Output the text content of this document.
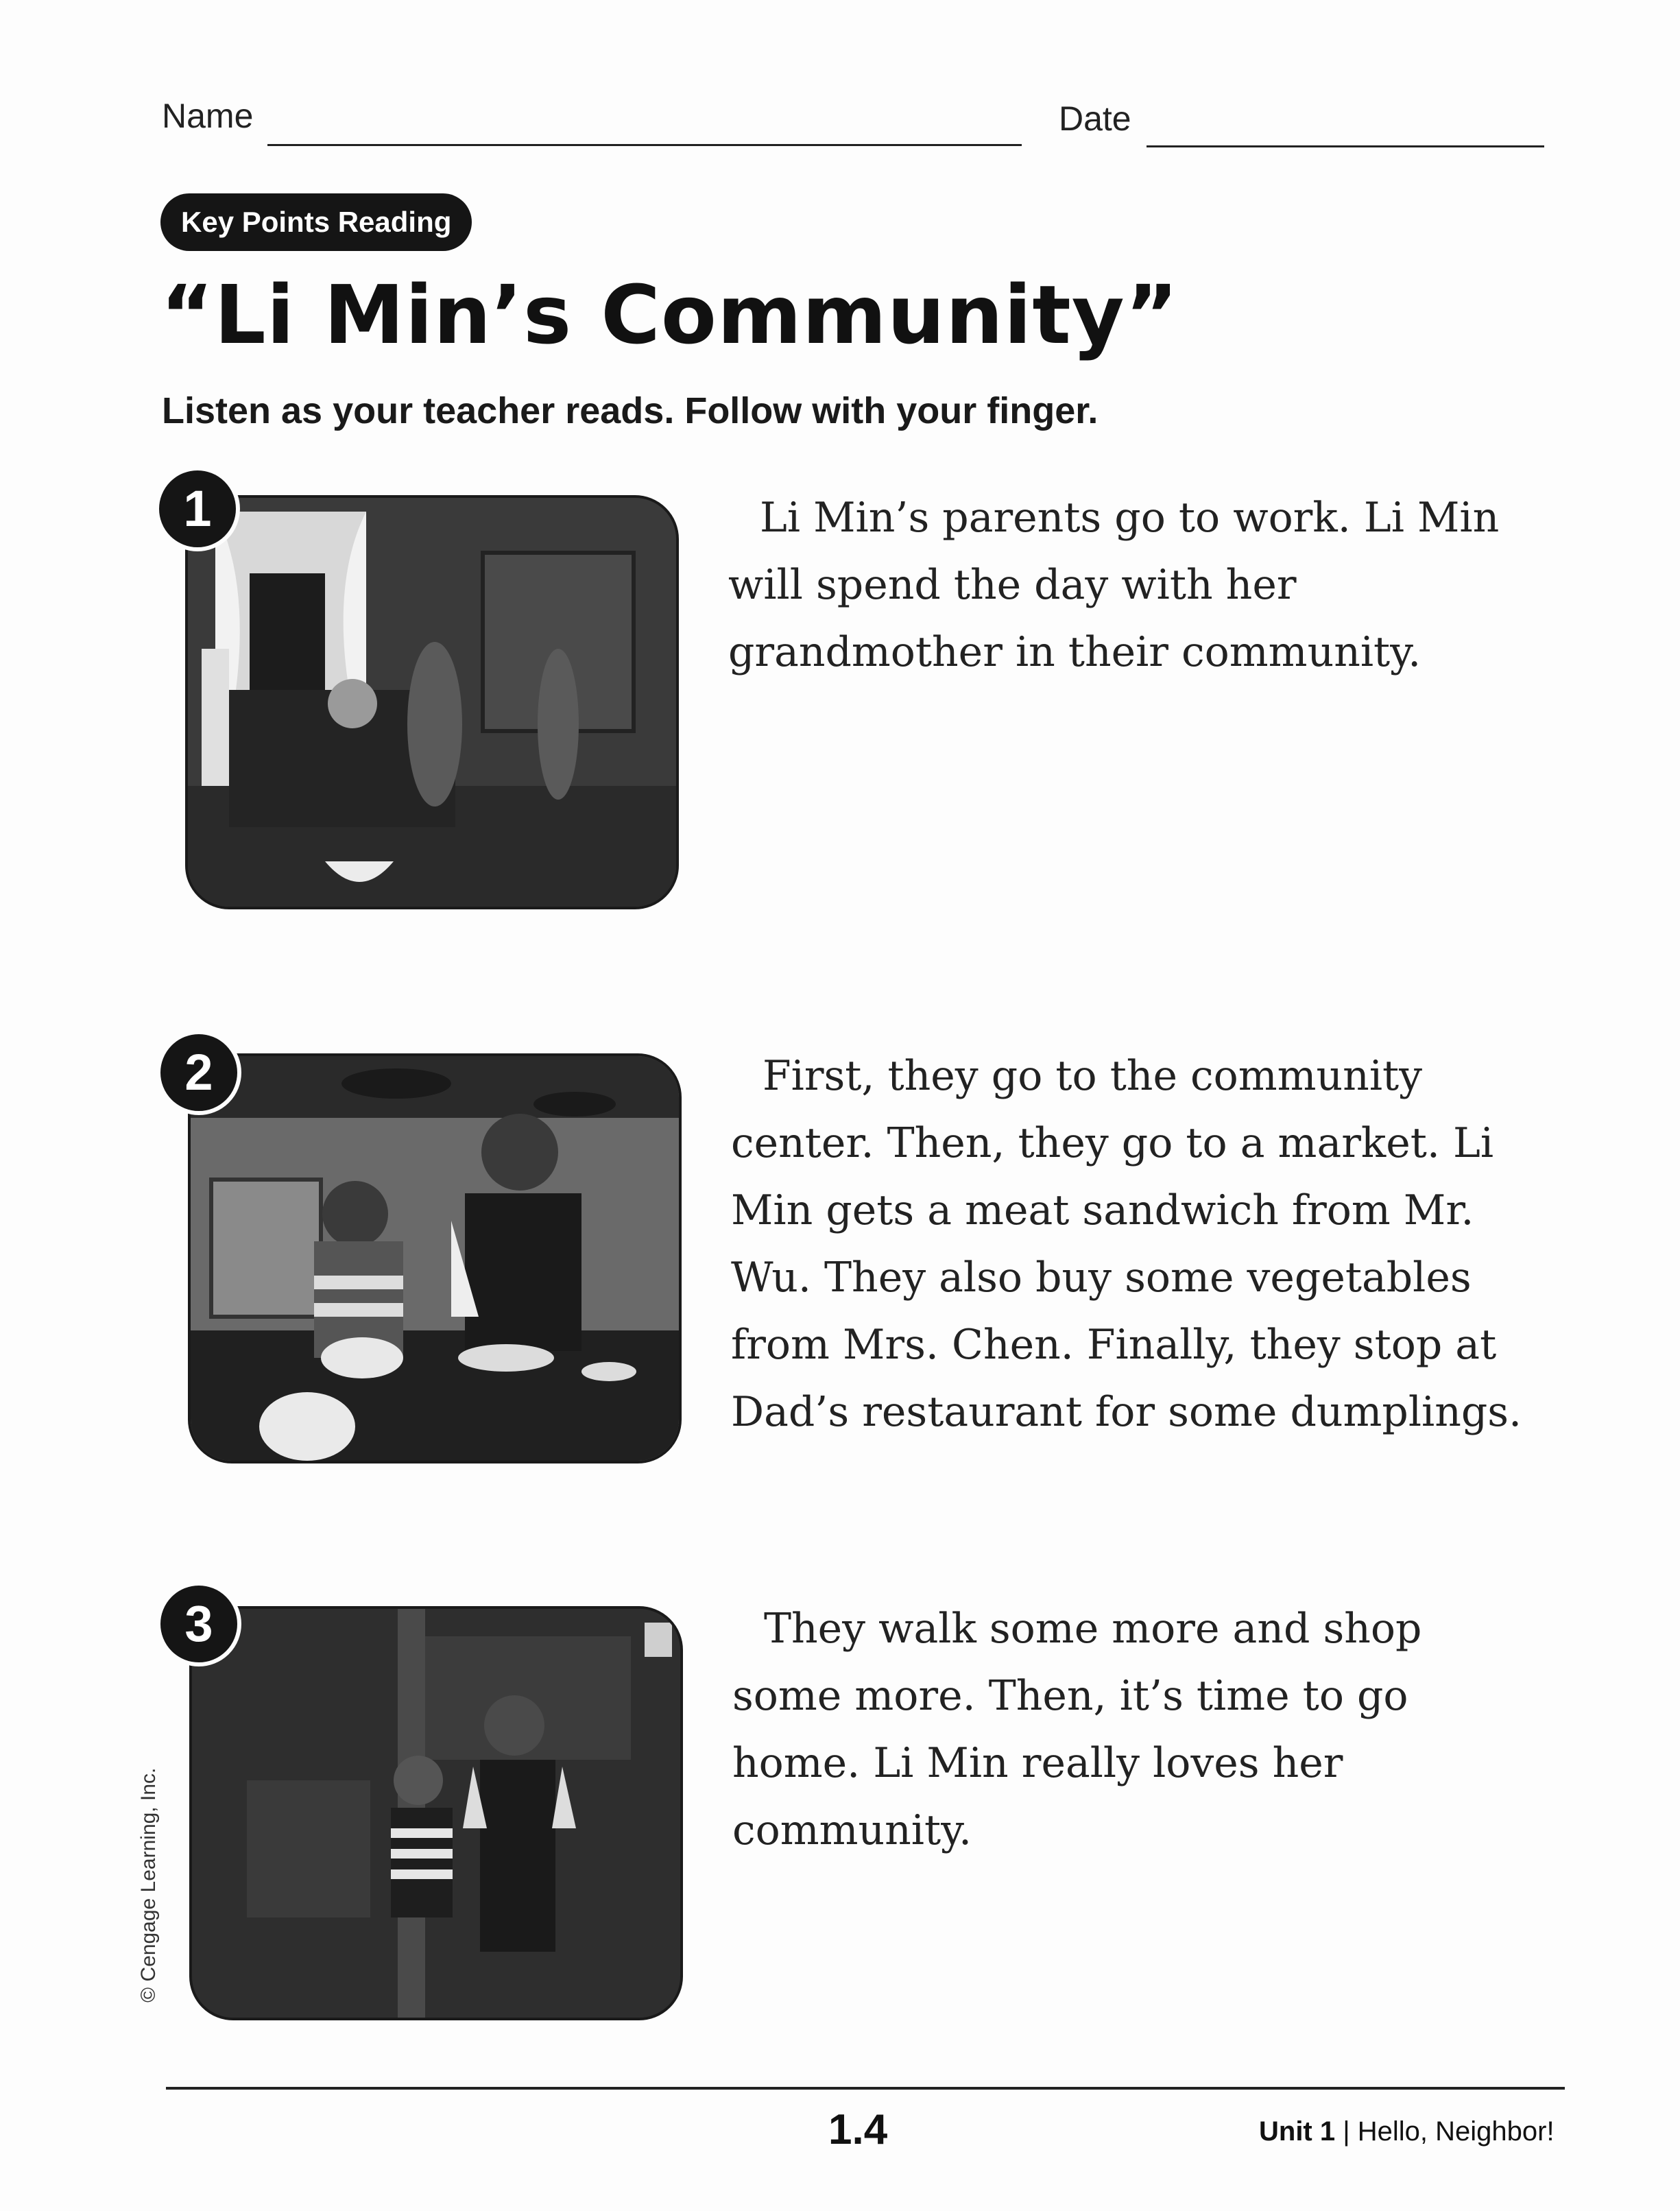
Name	Date
Key Points Reading
“Li Min’s Community”
Listen as your teacher reads. Follow with your finger.
1	Li Min’s parents go to work. Li Min will spend the day with her grandmother in their community.

2	First, they go to the community center. Then, they go to a market. Li Min gets a meat sandwich from Mr. Wu. They also buy some vegetables from Mrs. Chen. Finally, they stop at Dad’s restaurant for some dumplings.

3	They walk some more and shop some more. Then, it’s time to go home. Li Min really loves her community.

© Cengage Learning, Inc.
1.4	Unit 1 | Hello, Neighbor!
